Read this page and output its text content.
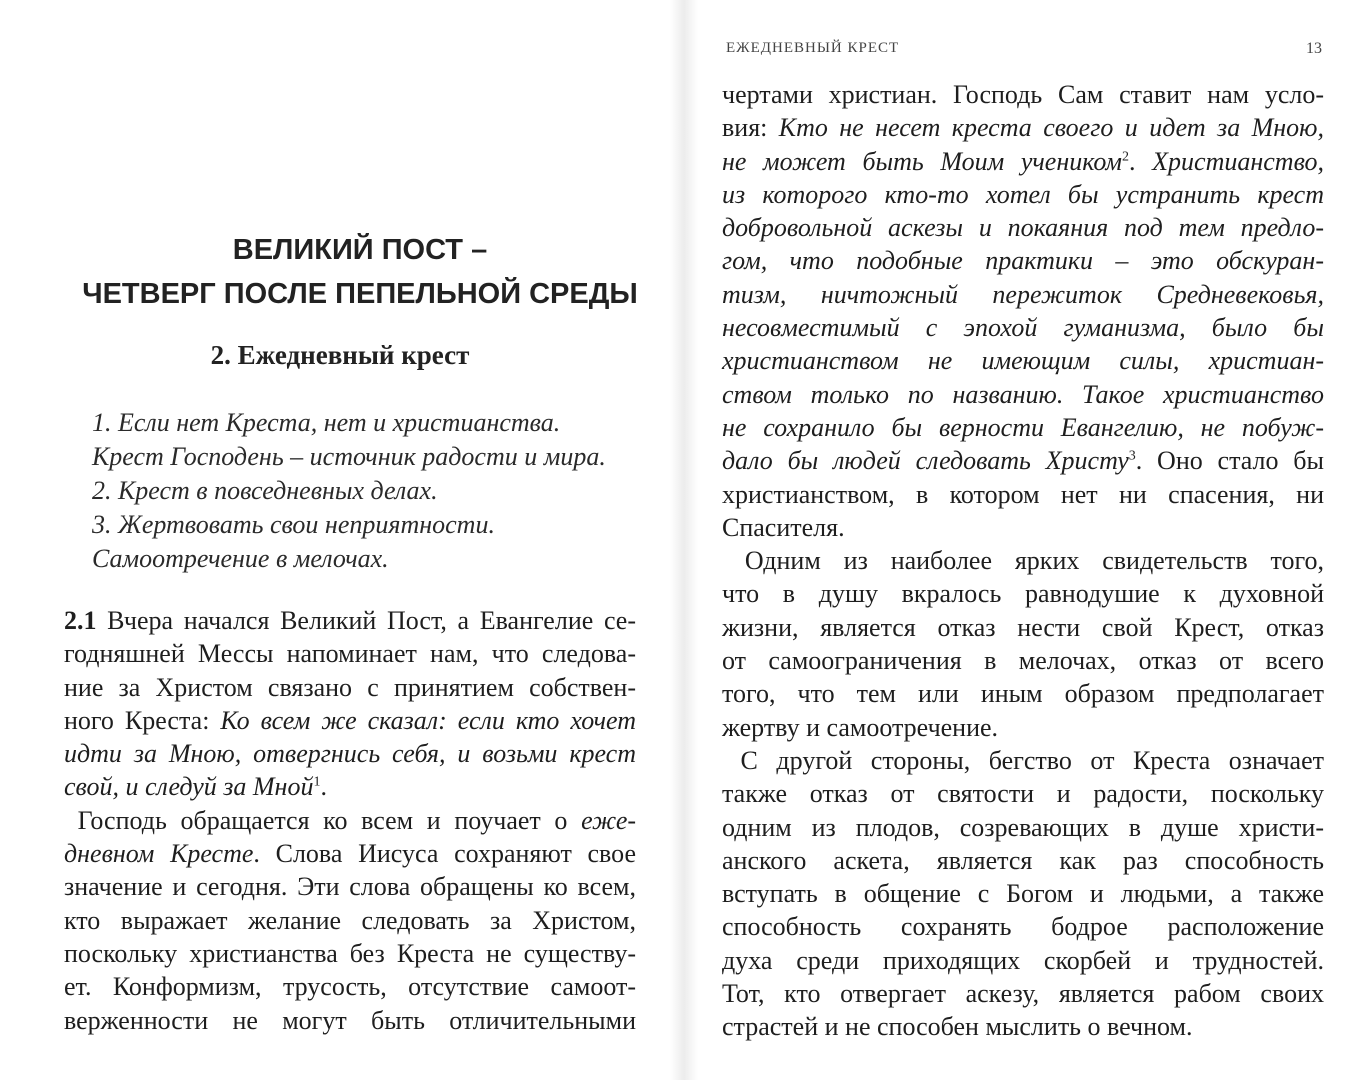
ВЕЛИКИЙ ПОСТ –
ЧЕТВЕРГ ПОСЛЕ ПЕПЕЛЬНОЙ СРЕДЫ
2. Ежедневный крест

1. Если нет Креста, нет и христианства.

Крест Господень – источник радости и мира.

2. Крест в повседневных делах.

3. Жертвовать свои неприятности.

Самоотречение в мелочах.

2.1 Вчера начался Великий Пост, а Евангелие се-
годняшней Мессы напоминает нам, что следова-
ние за Христом связано с принятием собствен-
ного Креста: Ко всем же сказал: если кто хочет
идти за Мною, отвергнись себя, и возьми крест
свой, и следуй за Мной$^1$.
Господь обращается ко всем и поучает о еже-
дневном Кресте. Слова Иисуса сохраняют свое
значение и сегодня. Эти слова обращены ко всем,
кто выражает желание следовать за Христом,
поскольку христианства без Креста не существу-
ет. Конформизм, трусость, отсутствие самоот-
верженности не могут быть отличительными
ЕЖЕДНЕВНЫЙ КРЕСТ	13
чертами христиан. Господь Сам ставит нам усло-
вия: Кто не несет креста своего и идет за Мною,
не может быть Моим учеником$^2$. Христианство,
из которого кто-то хотел бы устранить крест
добровольной аскезы и покаяния под тем предло-
гом, что подобные практики – это обскуран-
тизм, ничтожный пережиток Средневековья,
несовместимый с эпохой гуманизма, было бы
христианством не имеющим силы, христиан-
ством только по названию. Такое христианство
не сохранило бы верности Евангелию, не побуж-
дало бы людей следовать Христу$^3$. Оно стало бы
христианством, в котором нет ни спасения, ни
Спасителя.
Одним из наиболее ярких свидетельств того,
что в душу вкралось равнодушие к духовной
жизни, является отказ нести свой Крест, отказ
от самоограничения в мелочах, отказ от всего
того, что тем или иным образом предполагает
жертву и самоотречение.
С другой стороны, бегство от Креста означает
также отказ от святости и радости, поскольку
одним из плодов, созревающих в душе христи-
анского аскета, является как раз способность
вступать в общение с Богом и людьми, а также
способность сохранять бодрое расположение
духа среди приходящих скорбей и трудностей.
Тот, кто отвергает аскезу, является рабом своих
страстей и не способен мыслить о вечном.
